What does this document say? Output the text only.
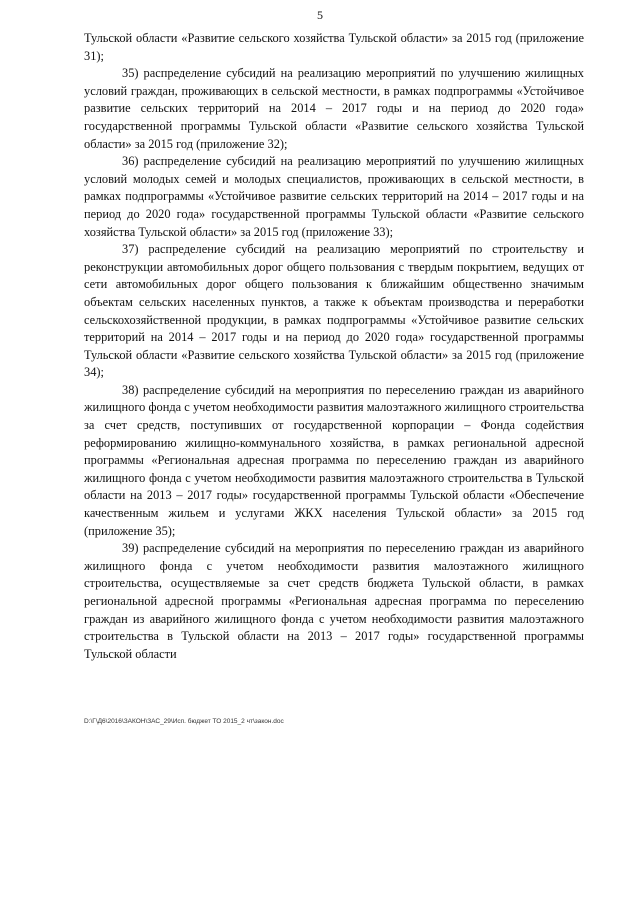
5

Тульской области «Развитие сельского хозяйства Тульской области» за 2015 год (приложение 31);

35) распределение субсидий на реализацию мероприятий по улучшению жилищных условий граждан, проживающих в сельской местности, в рамках подпрограммы «Устойчивое развитие сельских территорий на 2014 – 2017 годы и на период до 2020 года» государственной программы Тульской области «Развитие сельского хозяйства Тульской области» за 2015 год (приложение 32);

36) распределение субсидий на реализацию мероприятий по улучшению жилищных условий молодых семей и молодых специалистов, проживающих в сельской местности, в рамках подпрограммы «Устойчивое развитие сельских территорий на 2014 – 2017 годы и на период до 2020 года» государственной программы Тульской области «Развитие сельского хозяйства Тульской области» за 2015 год (приложение 33);

37) распределение субсидий на реализацию мероприятий по строительству и реконструкции автомобильных дорог общего пользования с твердым покрытием, ведущих от сети автомобильных дорог общего пользования к ближайшим общественно значимым объектам сельских населенных пунктов, а также к объектам производства и переработки сельскохозяйственной продукции, в рамках подпрограммы «Устойчивое развитие сельских территорий на 2014 – 2017 годы и на период до 2020 года» государственной программы Тульской области «Развитие сельского хозяйства Тульской области» за 2015 год (приложение 34);

38) распределение субсидий на мероприятия по переселению граждан из аварийного жилищного фонда с учетом необходимости развития малоэтажного жилищного строительства за счет средств, поступивших от государственной корпорации – Фонда содействия реформированию жилищно-коммунального хозяйства, в рамках региональной адресной программы «Региональная адресная программа по переселению граждан из аварийного жилищного фонда с учетом необходимости развития малоэтажного строительства в Тульской области на 2013 – 2017 годы» государственной программы Тульской области «Обеспечение качественным жильем и услугами ЖКХ населения Тульской области» за 2015 год (приложение 35);

39) распределение субсидий на мероприятия по переселению граждан из аварийного жилищного фонда с учетом необходимости развития малоэтажного жилищного строительства, осуществляемые за счет средств бюджета Тульской области, в рамках региональной адресной программы «Региональная адресная программа по переселению граждан из аварийного жилищного фонда с учетом необходимости развития малоэтажного строительства в Тульской области на 2013 – 2017 годы» государственной программы Тульской области

D:\Г\Д6\2016\ЗАКОН\ЗАС_29\Исп. бюджет ТО 2015_2 чт\закон.doc
